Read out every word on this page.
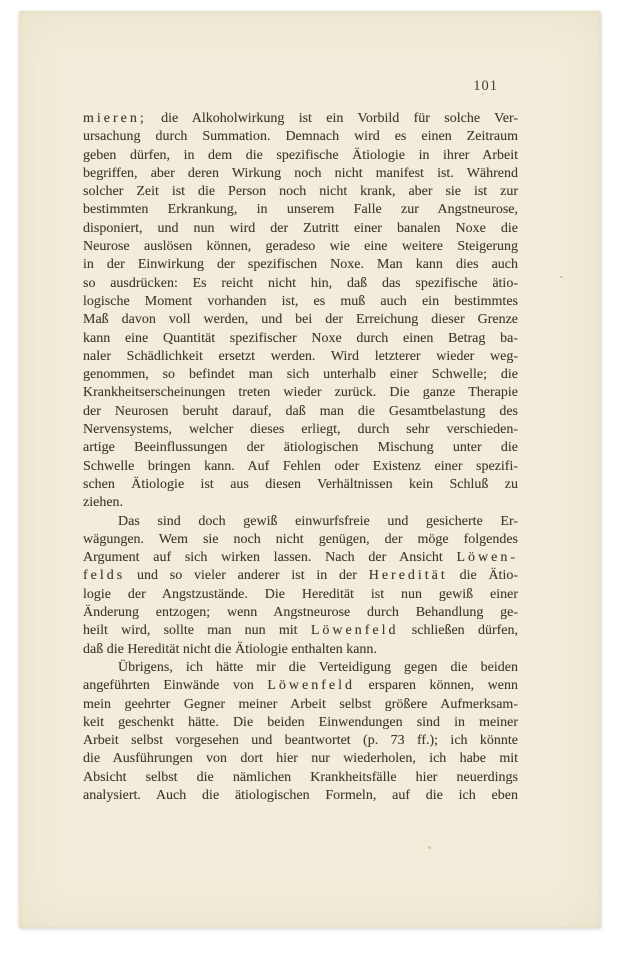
101
mieren; die Alkoholwirkung ist ein Vorbild für solche Ver-
ursachung durch Summation. Demnach wird es einen Zeitraum
geben dürfen, in dem die spezifische Ätiologie in ihrer Arbeit
begriffen, aber deren Wirkung noch nicht manifest ist. Während
solcher Zeit ist die Person noch nicht krank, aber sie ist zur
bestimmten Erkrankung, in unserem Falle zur Angstneurose,
disponiert, und nun wird der Zutritt einer banalen Noxe die
Neurose auslösen können, geradeso wie eine weitere Steigerung
in der Einwirkung der spezifischen Noxe. Man kann dies auch
so ausdrücken: Es reicht nicht hin, daß das spezifische ätio-
logische Moment vorhanden ist, es muß auch ein bestimmtes
Maß davon voll werden, und bei der Erreichung dieser Grenze
kann eine Quantität spezifischer Noxe durch einen Betrag ba-
naler Schädlichkeit ersetzt werden. Wird letzterer wieder weg-
genommen, so befindet man sich unterhalb einer Schwelle; die
Krankheitserscheinungen treten wieder zurück. Die ganze Therapie
der Neurosen beruht darauf, daß man die Gesamtbelastung des
Nervensystems, welcher dieses erliegt, durch sehr verschieden-
artige Beeinflussungen der ätiologischen Mischung unter die
Schwelle bringen kann. Auf Fehlen oder Existenz einer spezifi-
schen Ätiologie ist aus diesen Verhältnissen kein Schluß zu
ziehen.
Das sind doch gewiß einwurfsfreie und gesicherte Er-
wägungen. Wem sie noch nicht genügen, der möge folgendes
Argument auf sich wirken lassen. Nach der Ansicht Löwen-
felds und so vieler anderer ist in der Heredität die Ätio-
logie der Angstzustände. Die Heredität ist nun gewiß einer
Änderung entzogen; wenn Angstneurose durch Behandlung ge-
heilt wird, sollte man nun mit Löwenfeld schließen dürfen,
daß die Heredität nicht die Ätiologie enthalten kann.
Übrigens, ich hätte mir die Verteidigung gegen die beiden
angeführten Einwände von Löwenfeld ersparen können, wenn
mein geehrter Gegner meiner Arbeit selbst größere Aufmerksam-
keit geschenkt hätte. Die beiden Einwendungen sind in meiner
Arbeit selbst vorgesehen und beantwortet (p. 73 ff.); ich könnte
die Ausführungen von dort hier nur wiederholen, ich habe mit
Absicht selbst die nämlichen Krankheitsfälle hier neuerdings
analysiert. Auch die ätiologischen Formeln, auf die ich eben
